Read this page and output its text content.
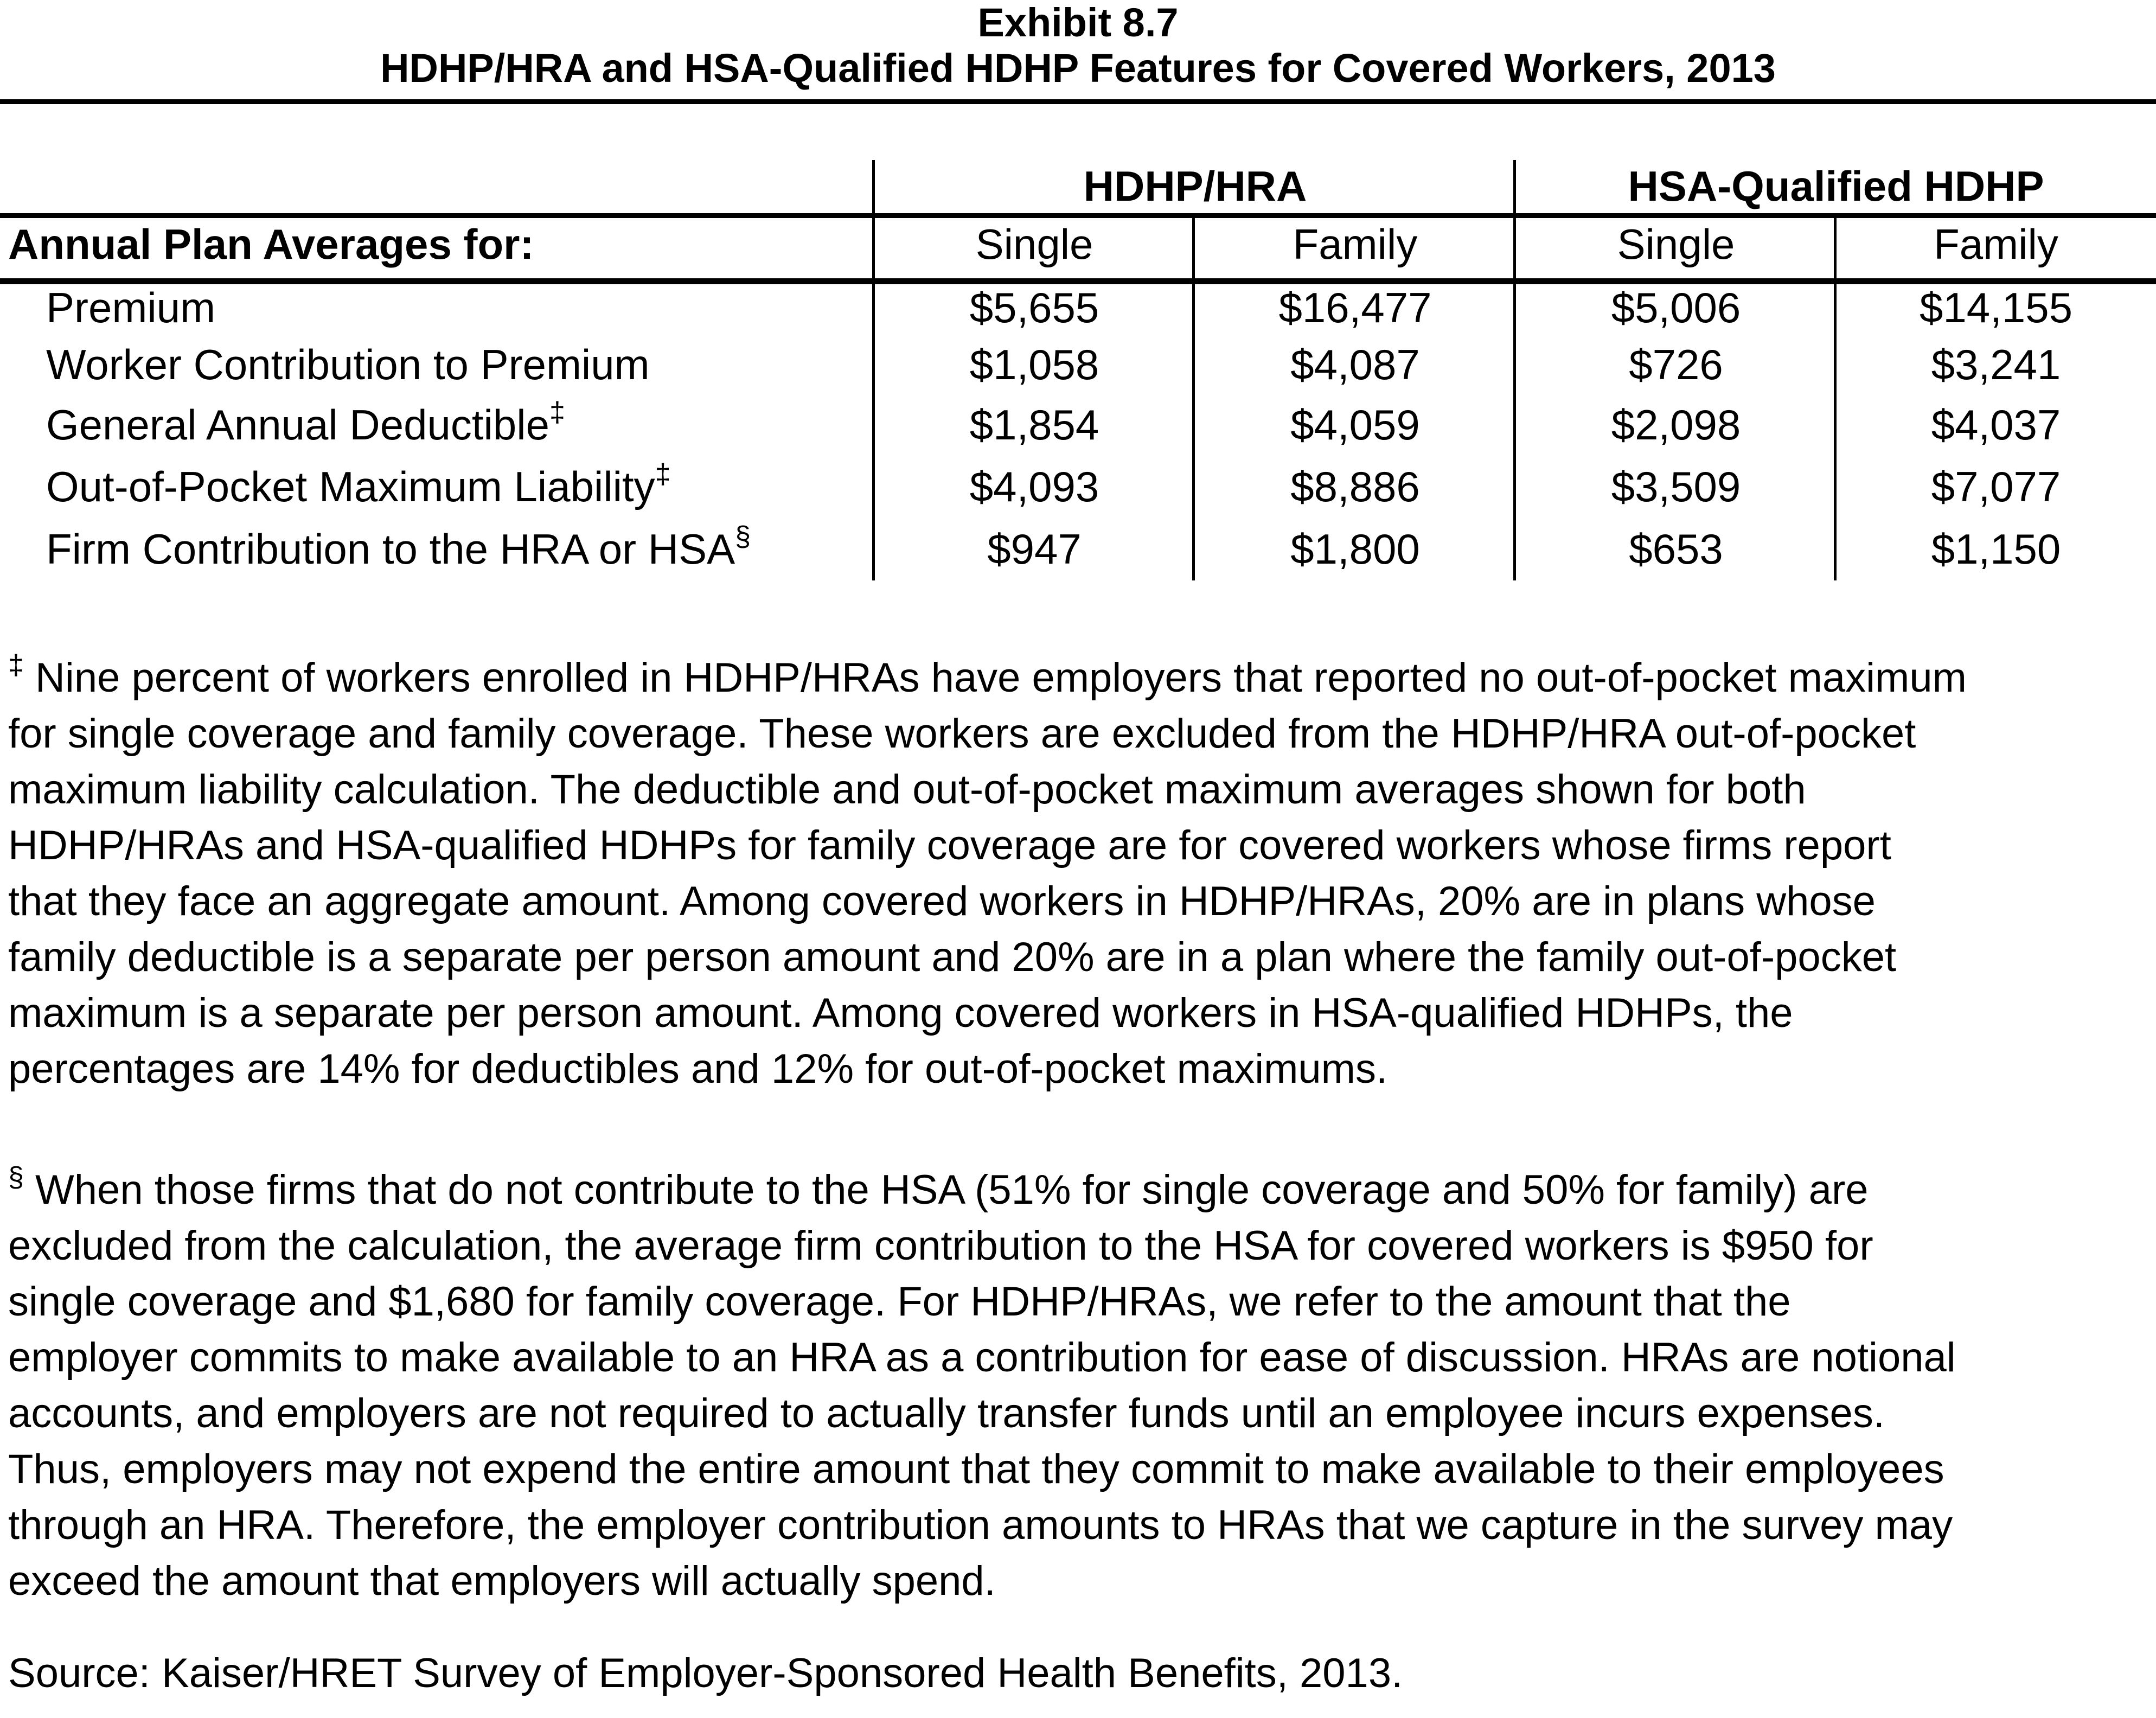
Exhibit 8.7
HDHP/HRA and HSA-Qualified HDHP Features for Covered Workers, 2013
HDHP/HRA	HSA-Qualified HDHP
Annual Plan Averages for:	Single	Family	Single	Family
Premium	$5,655	$16,477	$5,006	$14,155
Worker Contribution to Premium	$1,058	$4,087	$726	$3,241
General Annual Deductible‡	$1,854	$4,059	$2,098	$4,037
Out-of-Pocket Maximum Liability‡	$4,093	$8,886	$3,509	$7,077
Firm Contribution to the HRA or HSA§	$947	$1,800	$653	$1,150
‡ Nine percent of workers enrolled in HDHP/HRAs have employers that reported no out-of-pocket maximum
for single coverage and family coverage. These workers are excluded from the HDHP/HRA out-of-pocket
maximum liability calculation. The deductible and out-of-pocket maximum averages shown for both
HDHP/HRAs and HSA-qualified HDHPs for family coverage are for covered workers whose firms report
that they face an aggregate amount. Among covered workers in HDHP/HRAs, 20% are in plans whose
family deductible is a separate per person amount and 20% are in a plan where the family out-of-pocket
maximum is a separate per person amount. Among covered workers in HSA-qualified HDHPs, the
percentages are 14% for deductibles and 12% for out-of-pocket maximums.
§ When those firms that do not contribute to the HSA (51% for single coverage and 50% for family) are
excluded from the calculation, the average firm contribution to the HSA for covered workers is $950 for
single coverage and $1,680 for family coverage. For HDHP/HRAs, we refer to the amount that the
employer commits to make available to an HRA as a contribution for ease of discussion. HRAs are notional
accounts, and employers are not required to actually transfer funds until an employee incurs expenses.
Thus, employers may not expend the entire amount that they commit to make available to their employees
through an HRA. Therefore, the employer contribution amounts to HRAs that we capture in the survey may
exceed the amount that employers will actually spend.
Source: Kaiser/HRET Survey of Employer-Sponsored Health Benefits, 2013.
